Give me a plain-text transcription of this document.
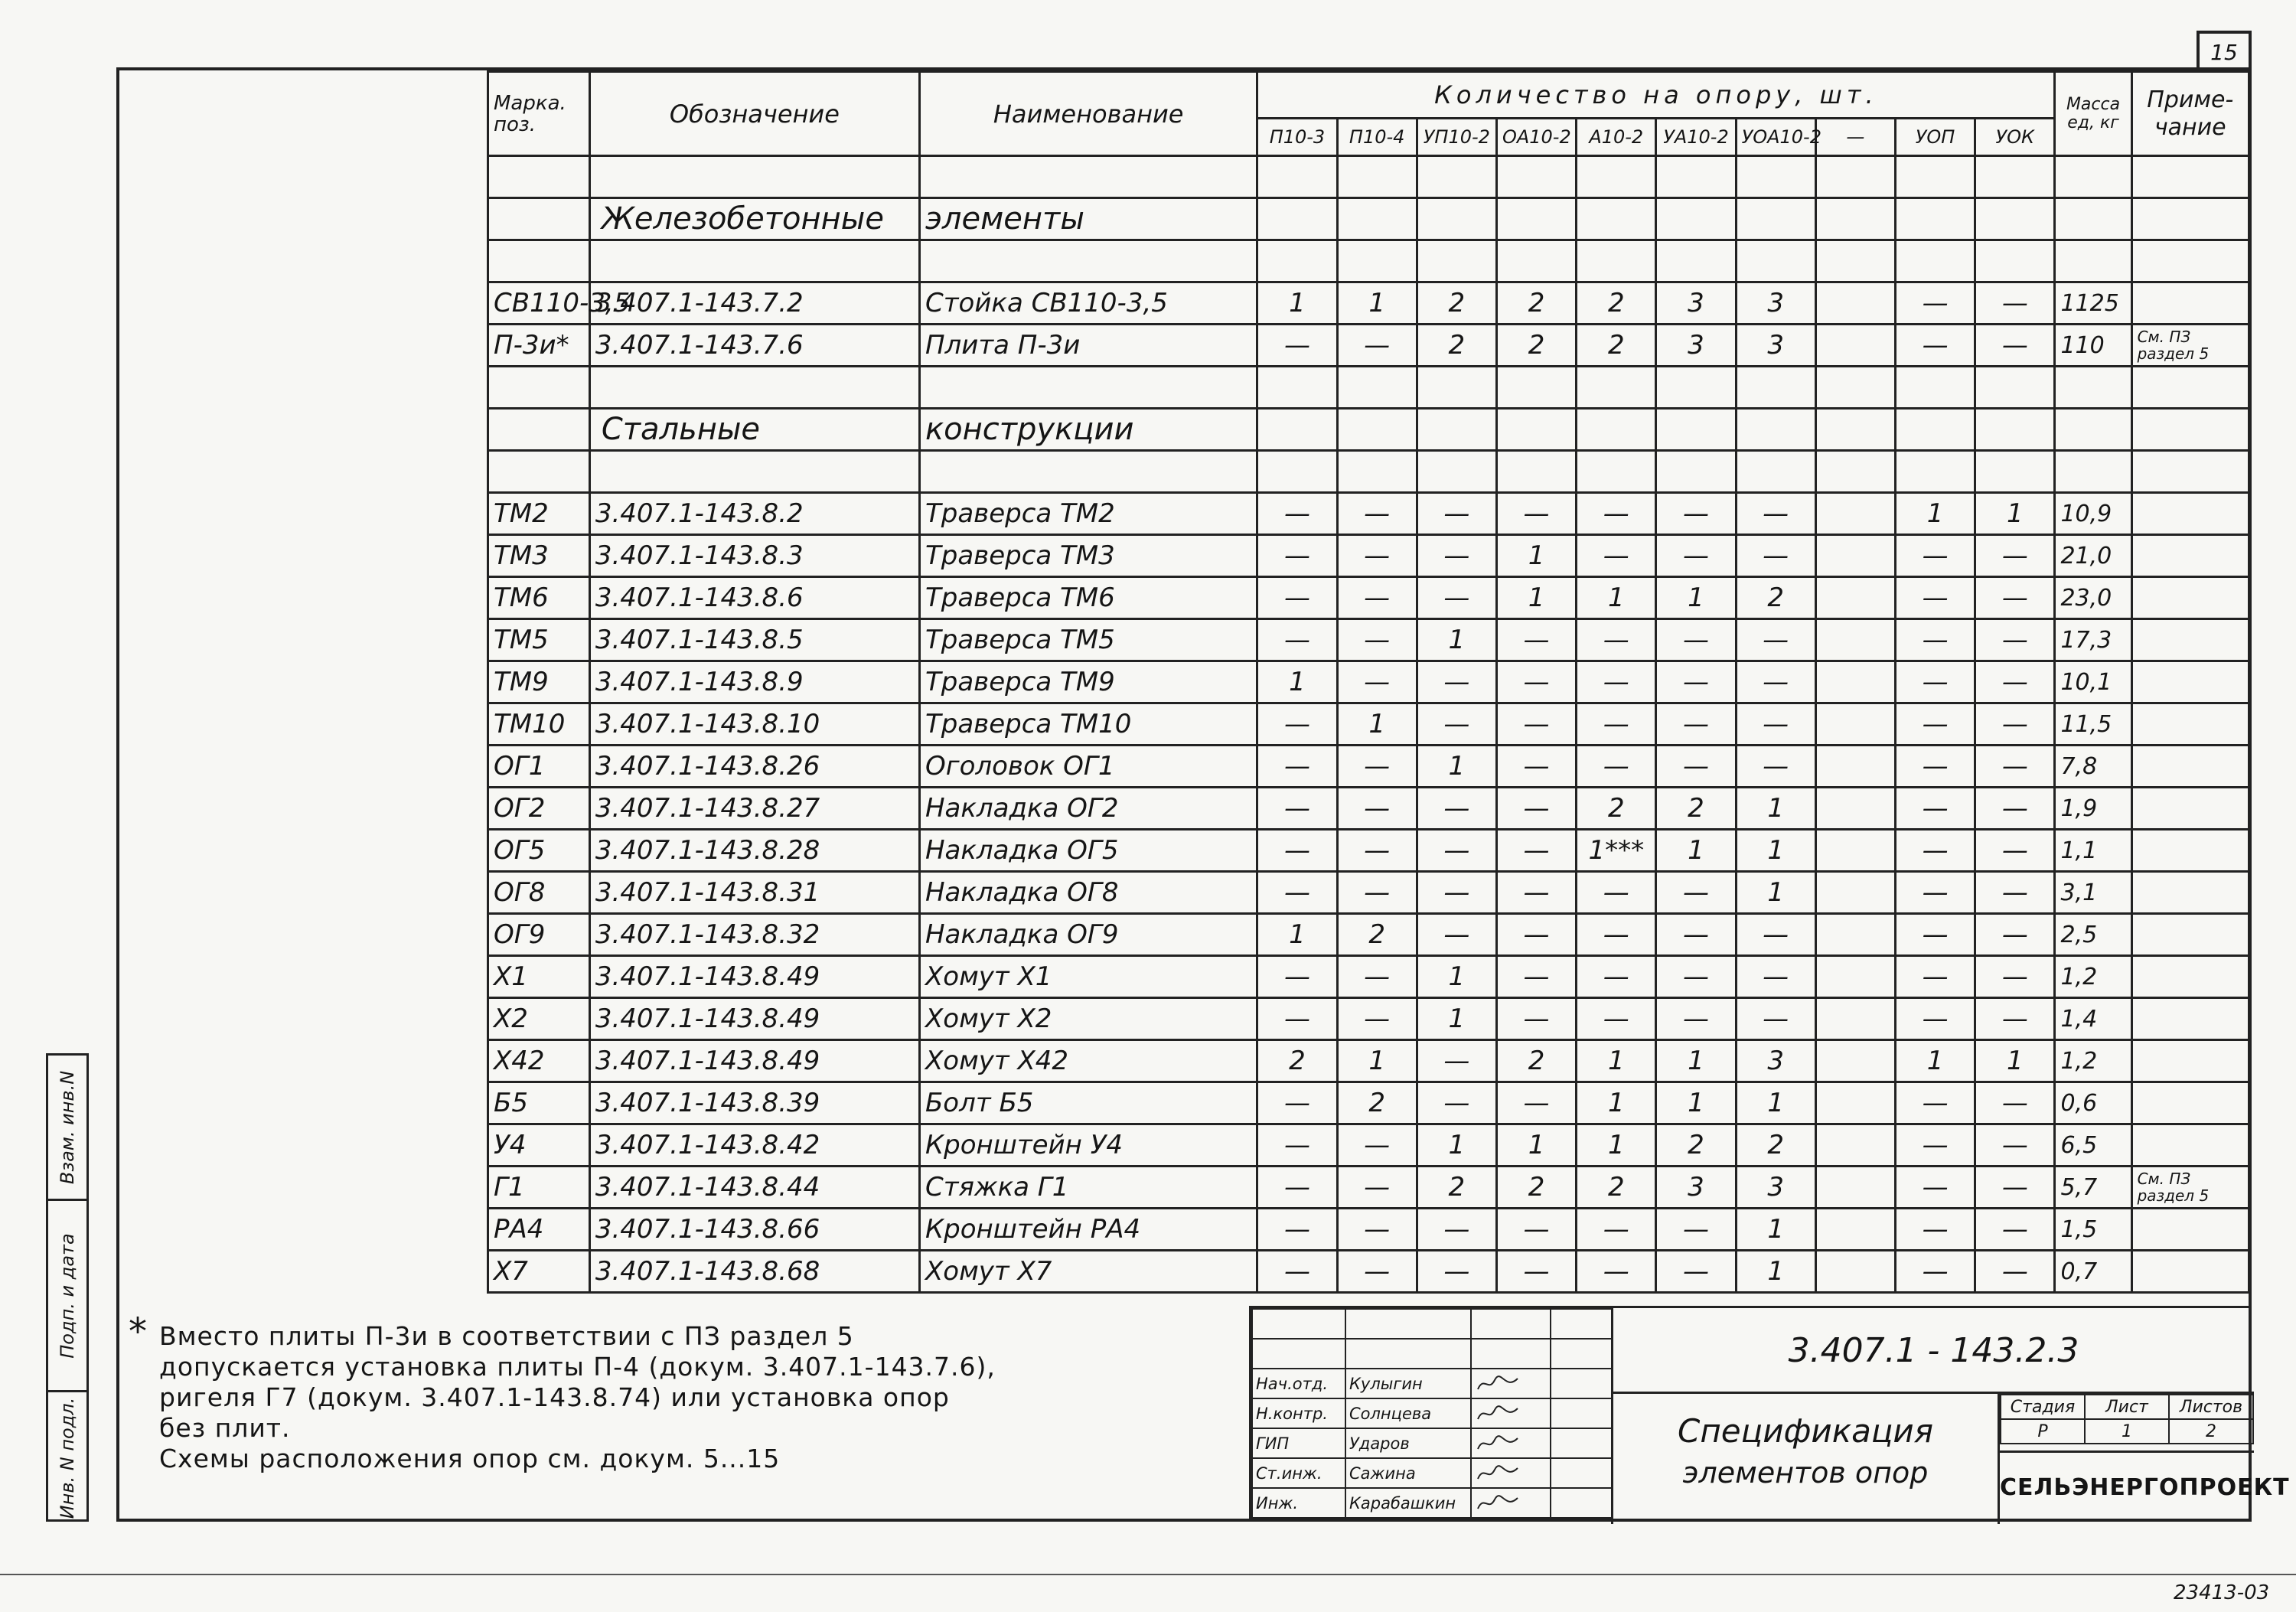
15
Взам. инв.N
Подп. и дата
Инв. N подл.
Марка. поз.	Обозначение	Наименование	Количество на опору, шт.										Масса ед, кг	Приме-чание
			П10-3	П10-4	УП10-2	ОА10-2	А10-2	УА10-2	УОА10-2	—	УОП	УОК		

	Железобетонные	элементы												

СВ110-3,5	3.407.1-143.7.2	Стойка СВ110-3,5	1	1	2	2	2	3	3		—	—	1125	
П-3и*	3.407.1-143.7.6	Плита П-3и	—	—	2	2	2	3	3		—	—	110	См. ПЗ раздел 5

	Стальные	конструкции												

ТМ2	3.407.1-143.8.2	Траверса ТМ2	—	—	—	—	—	—	—		1	1	10,9	
ТМ3	3.407.1-143.8.3	Траверса ТМ3	—	—	—	1	—	—	—		—	—	21,0	
ТМ6	3.407.1-143.8.6	Траверса ТМ6	—	—	—	1	1	1	2		—	—	23,0	
ТМ5	3.407.1-143.8.5	Траверса ТМ5	—	—	1	—	—	—	—		—	—	17,3	
ТМ9	3.407.1-143.8.9	Траверса ТМ9	1	—	—	—	—	—	—		—	—	10,1	
ТМ10	3.407.1-143.8.10	Траверса ТМ10	—	1	—	—	—	—	—		—	—	11,5	
ОГ1	3.407.1-143.8.26	Оголовок ОГ1	—	—	1	—	—	—	—		—	—	7,8	
ОГ2	3.407.1-143.8.27	Накладка ОГ2	—	—	—	—	2	2	1		—	—	1,9	
ОГ5	3.407.1-143.8.28	Накладка ОГ5	—	—	—	—	1***	1	1		—	—	1,1	
ОГ8	3.407.1-143.8.31	Накладка ОГ8	—	—	—	—	—	—	1		—	—	3,1	
ОГ9	3.407.1-143.8.32	Накладка ОГ9	1	2	—	—	—	—	—		—	—	2,5	
Х1	3.407.1-143.8.49	Хомут Х1	—	—	1	—	—	—	—		—	—	1,2	
Х2	3.407.1-143.8.49	Хомут Х2	—	—	1	—	—	—	—		—	—	1,4	
Х42	3.407.1-143.8.49	Хомут Х42	2	1	—	2	1	1	3		1	1	1,2	
Б5	3.407.1-143.8.39	Болт Б5	—	2	—	—	1	1	1		—	—	0,6	
У4	3.407.1-143.8.42	Кронштейн У4	—	—	1	1	1	2	2		—	—	6,5	
Г1	3.407.1-143.8.44	Стяжка Г1	—	—	2	2	2	3	3		—	—	5,7	См. ПЗ раздел 5
РА4	3.407.1-143.8.66	Кронштейн РА4	—	—	—	—	—	—	1		—	—	1,5	
Х7	3.407.1-143.8.68	Хомут Х7	—	—	—	—	—	—	1		—	—	0,7	
* Вместо плиты П-3и в соответствии с ПЗ раздел 5

допускается установка плиты П-4 (докум. 3.407.1-143.7.6),

ригеля Г7 (докум. 3.407.1-143.8.74) или установка опор

без плит.

Схемы расположения опор см. докум. 5...15

Нач.отд.	Кулыгин		
Н.контр.	Солнцева		
ГИП	Ударов		
Ст.инж.	Сажина		
Инж.	Карабашкин		
3.407.1 - 143.2.3
Спецификация
элементов опор
Стадия	Лист	Листов
Р	1	2
СЕЛЬЭНЕРГОПРОЕКТ
23413-03
